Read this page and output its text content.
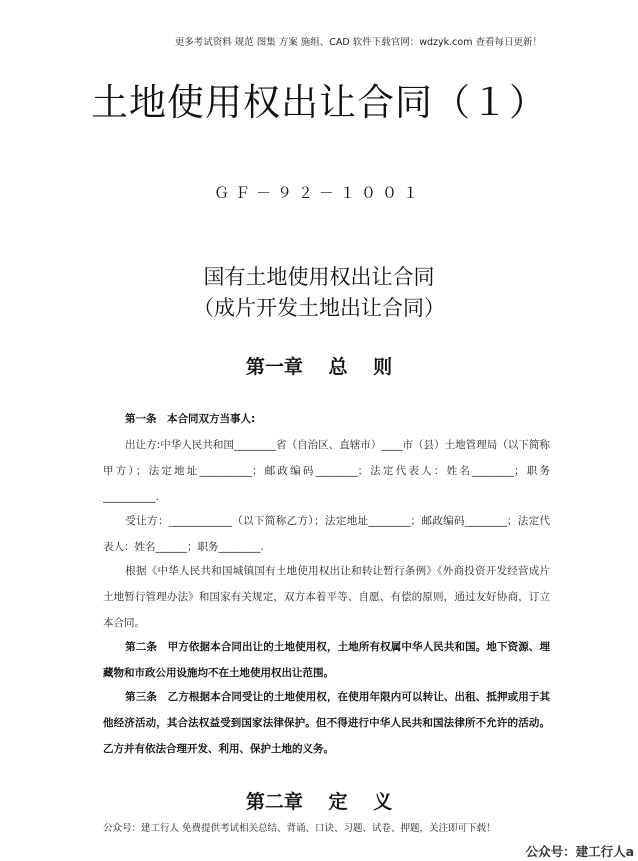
更多考试资料 规范 图集 方案 施组、CAD 软件下载官网：wdzyk.com 查看每日更新！
土地使用权出让合同（１）
ＧＦ－９２－１００１
国有土地使用权出让合同
（成片开发土地出让合同）
第一章　 总　 则
第一条　本合同双方当事人:
出让方:中华人民共和国________省（自治区、直辖市）____市（县）土地管理局（以下简称甲方）；法定地址__________；邮政编码________；法定代表人：姓名________；职务__________.
受让方：____________（以下简称乙方）；法定地址________；邮政编码________；法定代表人：姓名______；职务________.
根据《中华人民共和国城镇国有土地使用权出让和转让暂行条例》《外商投资开发经营成片土地暂行管理办法》和国家有关规定，双方本着平等、自愿、有偿的原则，通过友好协商，订立本合同。
第二条　甲方依据本合同出让的土地使用权，土地所有权属中华人民共和国。地下资源、埋藏物和市政公用设施均不在土地使用权出让范围。
第三条　乙方根据本合同受让的土地使用权，在使用年限内可以转让、出租、抵押或用于其他经济活动，其合法权益受到国家法律保护。但不得进行中华人民共和国法律所不允许的活动。乙方并有依法合理开发、利用、保护土地的义务。
第二章　 定　 义
公众号：建工行人 免费提供考试相关总结、背诵、口诀、习题、试卷、押题，关注即可下载！
公众号：建工行人a
